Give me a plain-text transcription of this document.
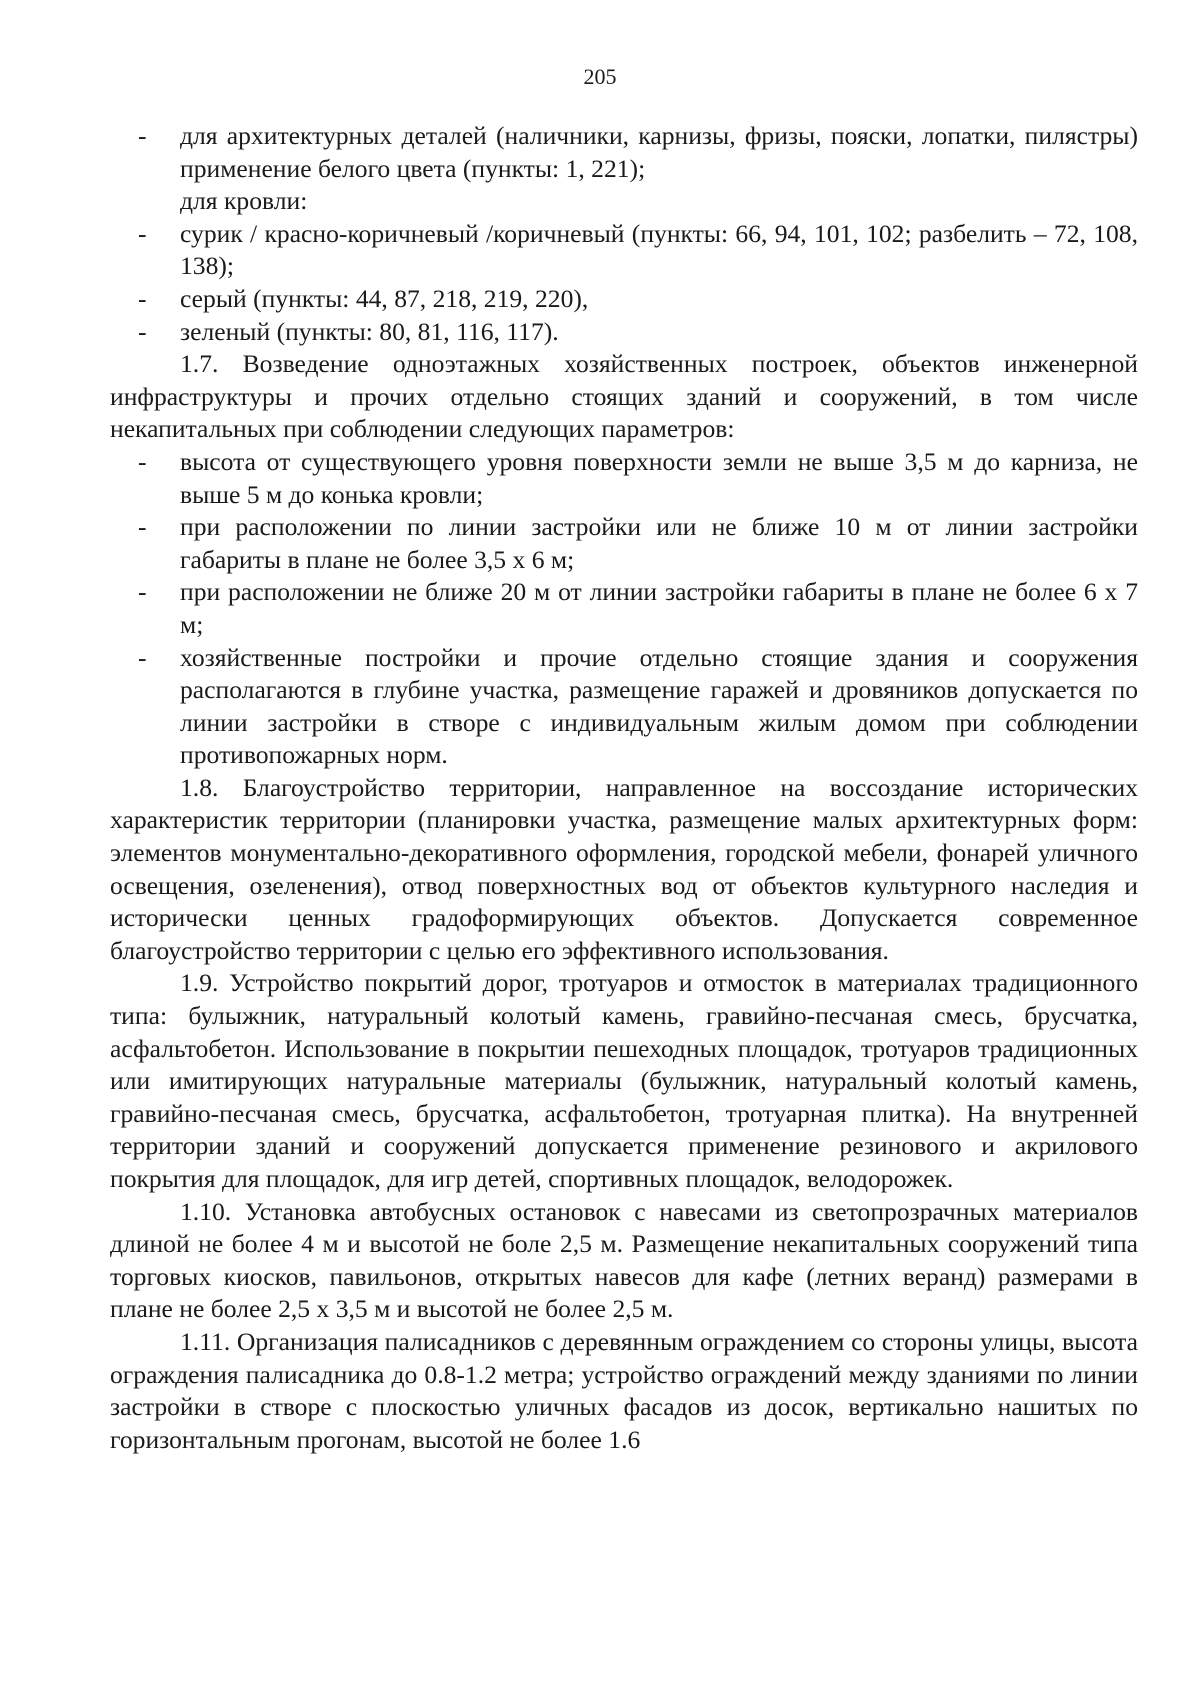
205
-	для архитектурных деталей (наличники, карнизы, фризы, пояски, лопатки, пилястры) применение белого цвета (пункты: 1, 221);

для кровли:

-	сурик / красно-коричневый /коричневый (пункты: 66, 94, 101, 102; разбелить – 72, 108, 138);
-	серый (пункты: 44, 87, 218, 219, 220),
-	зеленый (пункты: 80, 81, 116, 117).

1.7. Возведение одноэтажных хозяйственных построек, объектов инженерной инфраструктуры и прочих отдельно стоящих зданий и сооружений, в том числе некапитальных при соблюдении следующих параметров:

-	высота от существующего уровня поверхности земли не выше 3,5 м до карниза, не выше 5 м до конька кровли;
-	при расположении по линии застройки или не ближе 10 м от линии застройки габариты в плане не более 3,5 х 6 м;
-	при расположении не ближе 20 м от линии застройки габариты в плане не более 6 х 7 м;
-	хозяйственные постройки и прочие отдельно стоящие здания и сооружения располагаются в глубине участка, размещение гаражей и дровяников допускается по линии застройки в створе с индивидуальным жилым домом при соблюдении противопожарных норм.

1.8. Благоустройство территории, направленное на воссоздание исторических характеристик территории (планировки участка, размещение малых архитектурных форм: элементов монументально-декоративного оформления, городской мебели, фонарей уличного освещения, озеленения), отвод поверхностных вод от объектов культурного наследия и исторически ценных градоформирующих объектов. Допускается современное благоустройство территории с целью его эффективного использования.

1.9. Устройство покрытий дорог, тротуаров и отмосток в материалах традиционного типа: булыжник, натуральный колотый камень, гравийно-песчаная смесь, брусчатка, асфальтобетон. Использование в покрытии пешеходных площадок, тротуаров традиционных или имитирующих натуральные материалы (булыжник, натуральный колотый камень, гравийно-песчаная смесь, брусчатка, асфальтобетон, тротуарная плитка). На внутренней территории зданий и сооружений допускается применение резинового и акрилового покрытия для площадок, для игр детей, спортивных площадок, велодорожек.

1.10. Установка автобусных остановок с навесами из светопрозрачных материалов длиной не более 4 м и высотой не боле 2,5 м. Размещение некапитальных сооружений типа торговых киосков, павильонов, открытых навесов для кафе (летних веранд) размерами в плане не более 2,5 х 3,5 м и высотой не более 2,5 м.

1.11. Организация палисадников с деревянным ограждением со стороны улицы, высота ограждения палисадника до 0.8-1.2 метра; устройство ограждений между зданиями по линии застройки в створе с плоскостью уличных фасадов из досок, вертикально нашитых по горизонтальным прогонам, высотой не более 1.6
